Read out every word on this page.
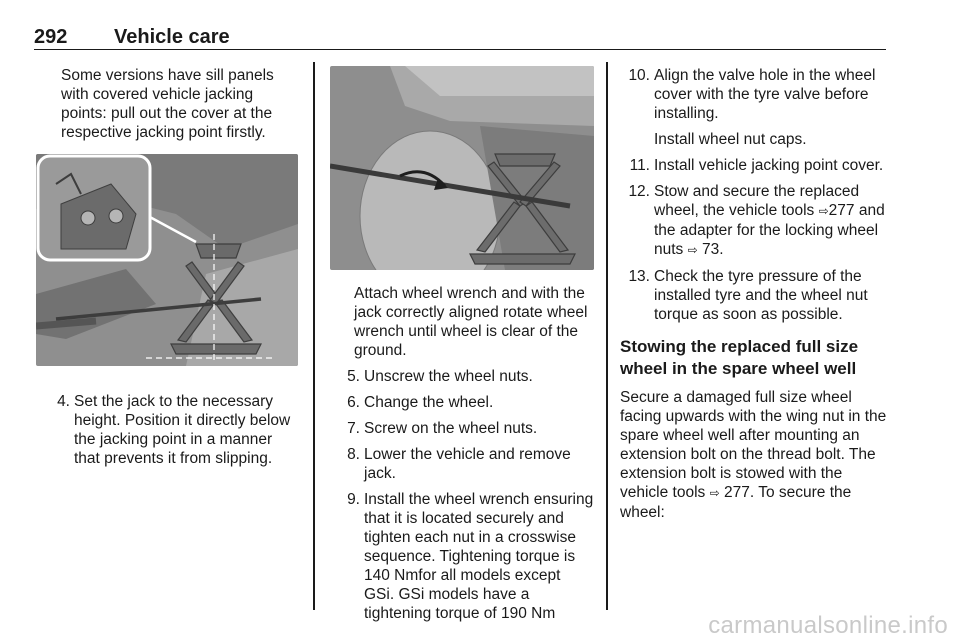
292 Vehicle care

Some versions have sill panels with covered vehicle jacking points: pull out the cover at the respective jacking point firstly.

4. Set the jack to the necessary height. Position it directly below the jacking point in a manner that prevents it from slipping.

Attach wheel wrench and with the jack correctly aligned rotate wheel wrench until wheel is clear of the ground.

5. Unscrew the wheel nuts.

6. Change the wheel.

7. Screw on the wheel nuts.

8. Lower the vehicle and remove jack.

9. Install the wheel wrench ensuring that it is located securely and tighten each nut in a crosswise sequence. Tightening torque is 140 Nmfor all models except GSi. GSi models have a tightening torque of 190 Nm

10. Align the valve hole in the wheel cover with the tyre valve before installing.

Install wheel nut caps.

11. Install vehicle jacking point cover.

12. Stow and secure the replaced wheel, the vehicle tools ⇨277 and the adapter for the locking wheel nuts ⇨ 73.

13. Check the tyre pressure of the installed tyre and the wheel nut torque as soon as possible.

Stowing the replaced full size wheel in the spare wheel well

Secure a damaged full size wheel facing upwards with the wing nut in the spare wheel well after mounting an extension bolt on the thread bolt. The extension bolt is stowed with the vehicle tools ⇨ 277. To secure the wheel:

carmanualsonline.info
